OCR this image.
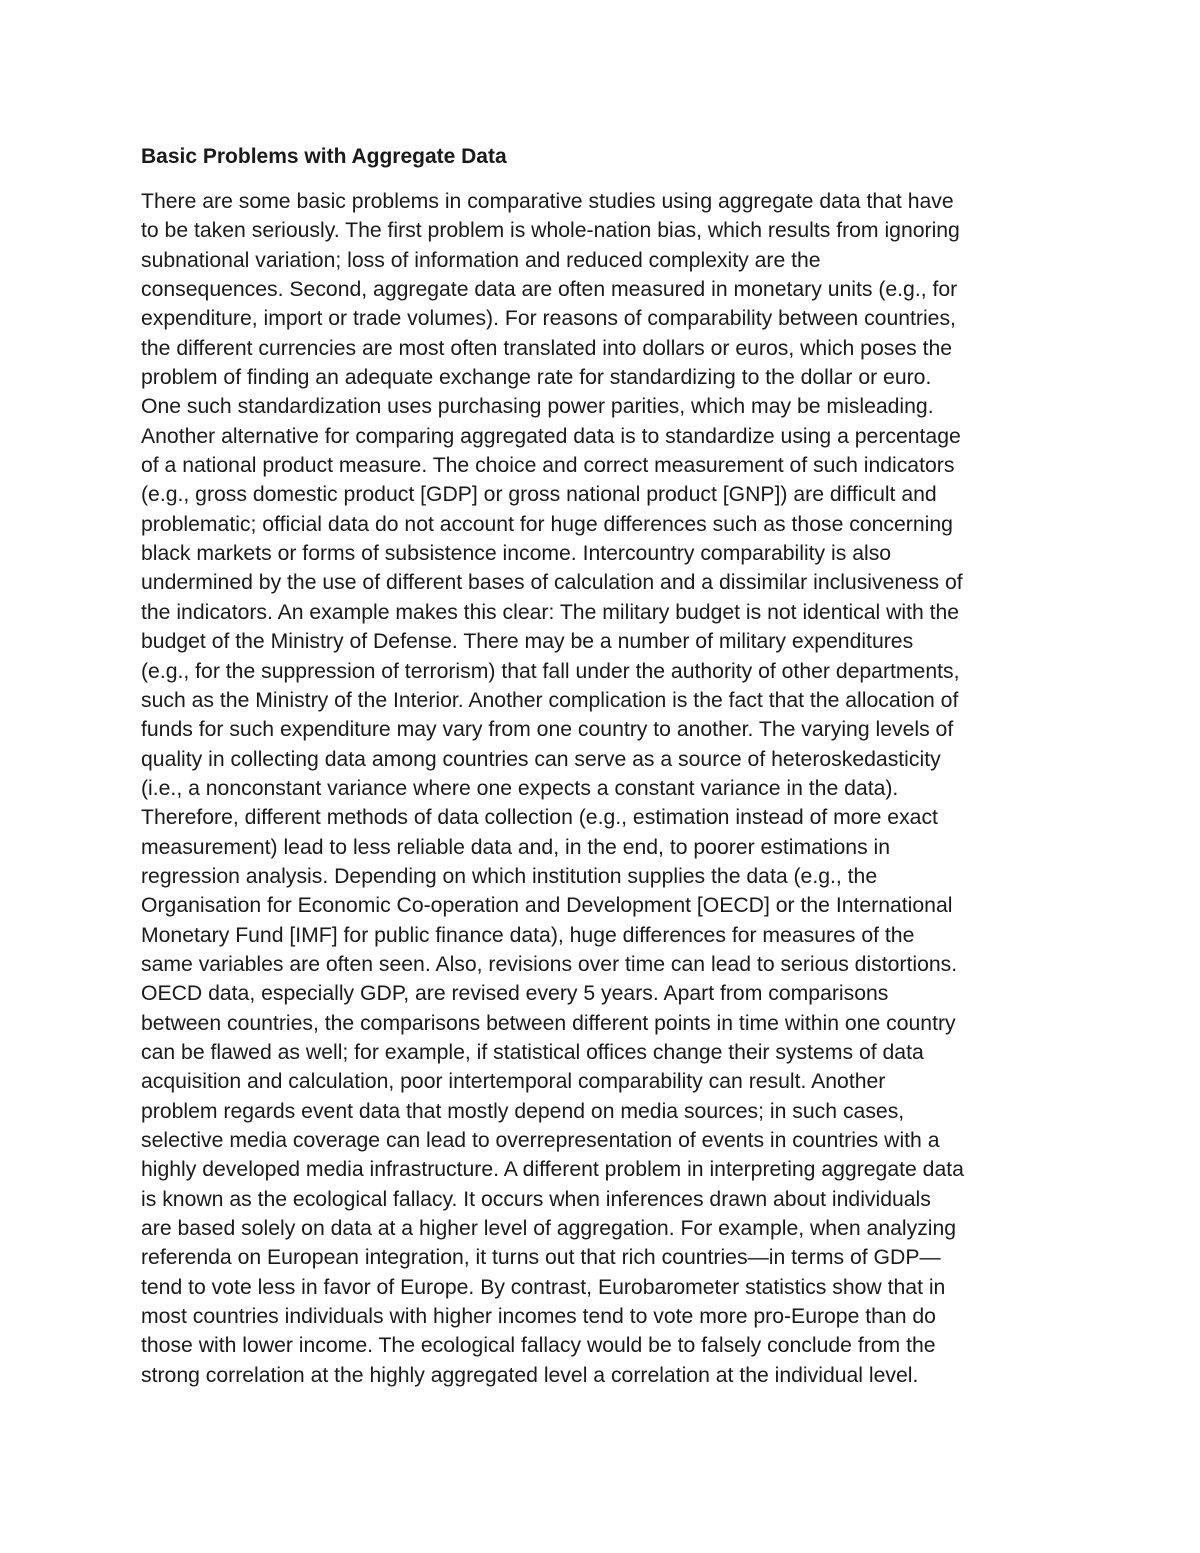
Basic Problems with Aggregate Data
There are some basic problems in comparative studies using aggregate data that have
to be taken seriously. The first problem is whole-nation bias, which results from ignoring
subnational variation; loss of information and reduced complexity are the
consequences. Second, aggregate data are often measured in monetary units (e.g., for
expenditure, import or trade volumes). For reasons of comparability between countries,
the different currencies are most often translated into dollars or euros, which poses the
problem of finding an adequate exchange rate for standardizing to the dollar or euro.
One such standardization uses purchasing power parities, which may be misleading.
Another alternative for comparing aggregated data is to standardize using a percentage
of a national product measure. The choice and correct measurement of such indicators
(e.g., gross domestic product [GDP] or gross national product [GNP]) are difficult and
problematic; official data do not account for huge differences such as those concerning
black markets or forms of subsistence income. Intercountry comparability is also
undermined by the use of different bases of calculation and a dissimilar inclusiveness of
the indicators. An example makes this clear: The military budget is not identical with the
budget of the Ministry of Defense. There may be a number of military expenditures
(e.g., for the suppression of terrorism) that fall under the authority of other departments,
such as the Ministry of the Interior. Another complication is the fact that the allocation of
funds for such expenditure may vary from one country to another. The varying levels of
quality in collecting data among countries can serve as a source of heteroskedasticity
(i.e., a nonconstant variance where one expects a constant variance in the data).
Therefore, different methods of data collection (e.g., estimation instead of more exact
measurement) lead to less reliable data and, in the end, to poorer estimations in
regression analysis. Depending on which institution supplies the data (e.g., the
Organisation for Economic Co-operation and Development [OECD] or the International
Monetary Fund [IMF] for public finance data), huge differences for measures of the
same variables are often seen. Also, revisions over time can lead to serious distortions.
OECD data, especially GDP, are revised every 5 years. Apart from comparisons
between countries, the comparisons between different points in time within one country
can be flawed as well; for example, if statistical offices change their systems of data
acquisition and calculation, poor intertemporal comparability can result. Another
problem regards event data that mostly depend on media sources; in such cases,
selective media coverage can lead to overrepresentation of events in countries with a
highly developed media infrastructure. A different problem in interpreting aggregate data
is known as the ecological fallacy. It occurs when inferences drawn about individuals
are based solely on data at a higher level of aggregation. For example, when analyzing
referenda on European integration, it turns out that rich countries—in terms of GDP—
tend to vote less in favor of Europe. By contrast, Eurobarometer statistics show that in
most countries individuals with higher incomes tend to vote more pro-Europe than do
those with lower income. The ecological fallacy would be to falsely conclude from the
strong correlation at the highly aggregated level a correlation at the individual level.
